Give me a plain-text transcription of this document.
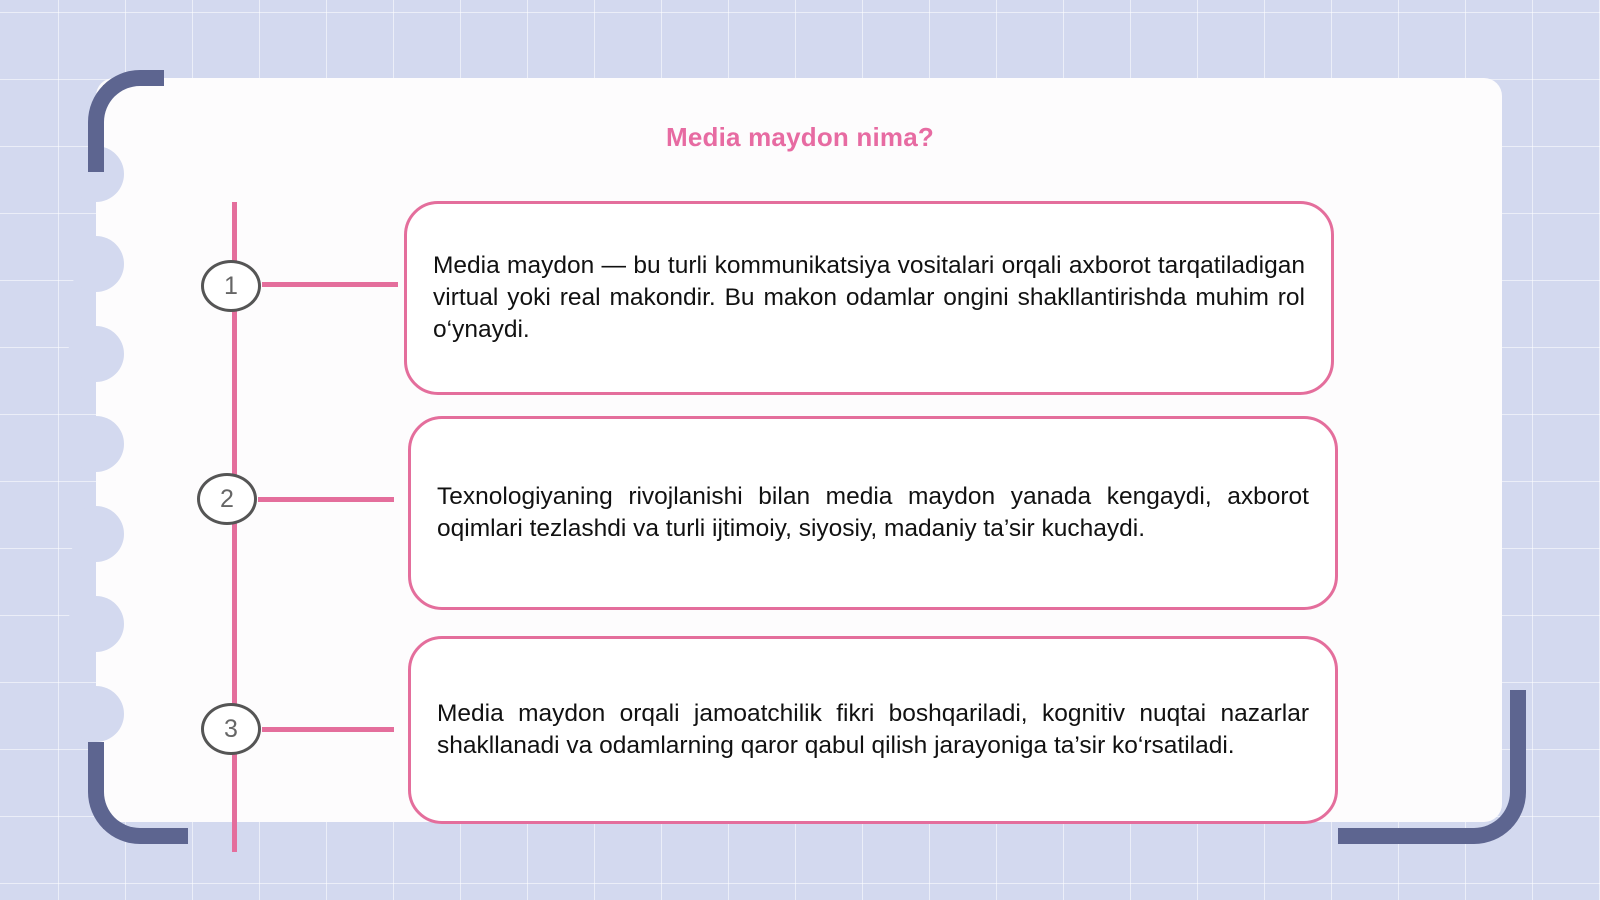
Media maydon nima?
1
2
3

Media maydon — bu turli kommunikatsiya vositalari orqali axborot tarqatiladigan virtual yoki real makondir. Bu makon odamlar ongini shakllantirishda muhim rol o‘ynaydi.

Texnologiyaning rivojlanishi bilan media maydon yanada kengaydi, axborot oqimlari tezlashdi va turli ijtimoiy, siyosiy, madaniy ta’sir kuchaydi.

Media maydon orqali jamoatchilik fikri boshqariladi, kognitiv nuqtai nazarlar shakllanadi va odamlarning qaror qabul qilish jarayoniga ta’sir ko‘rsatiladi.
